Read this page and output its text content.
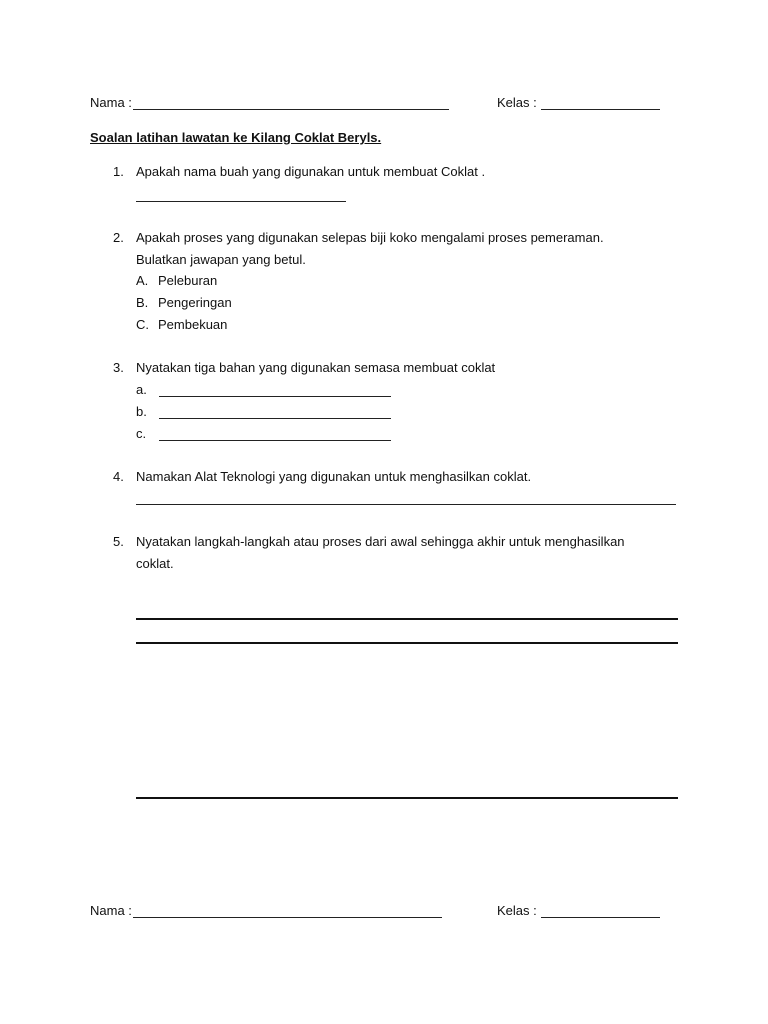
Nama :	Kelas :
Soalan latihan lawatan ke Kilang Coklat Beryls.
1. Apakah nama buah yang digunakan untuk membuat Coklat .
2. Apakah proses yang digunakan selepas biji koko mengalami proses pemeraman.
Bulatkan jawapan yang betul.
A. Peleburan
B. Pengeringan
C. Pembekuan
3. Nyatakan tiga bahan yang digunakan semasa membuat coklat
a.
b.
c.
4. Namakan Alat Teknologi yang digunakan untuk menghasilkan coklat.
5. Nyatakan langkah-langkah atau proses dari awal sehingga akhir untuk menghasilkan
coklat.
Nama :	Kelas :
